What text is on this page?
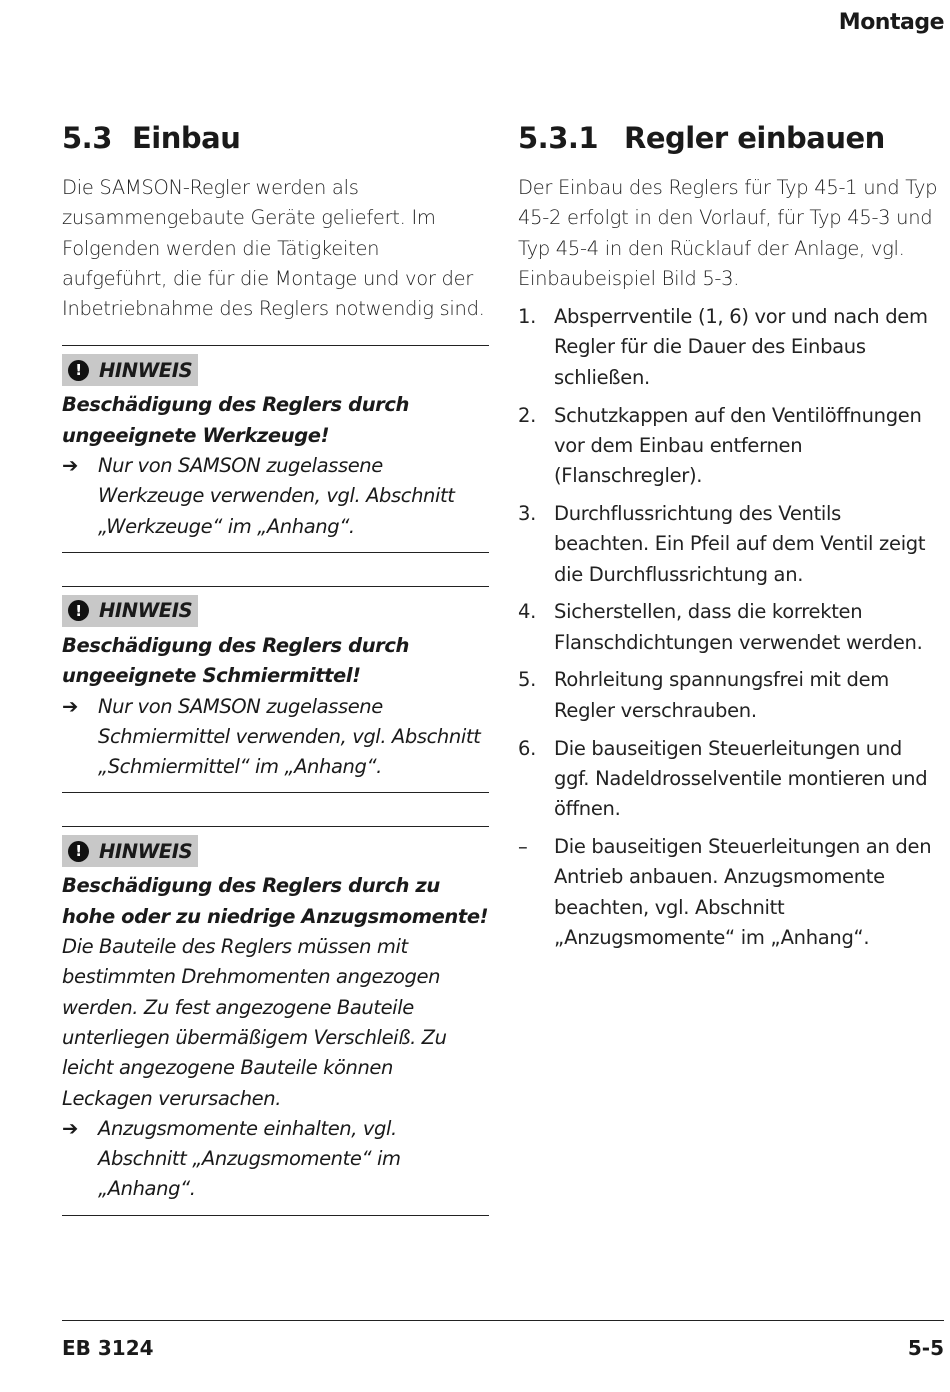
Montage
5.3 Einbau

Die SAMSON-Regler werden als zusammengebaute Geräte geliefert. Im Folgenden werden die Tätigkeiten aufgeführt, die für die Montage und vor der Inbetriebnahme des Reglers notwendig sind.

! HINWEIS
Beschädigung des Reglers durch ungeeignete Werkzeuge!
➔	Nur von SAMSON zugelassene Werkzeuge verwenden, vgl. Abschnitt „Werkzeuge“ im „Anhang“.
! HINWEIS
Beschädigung des Reglers durch ungeeignete Schmiermittel!
➔	Nur von SAMSON zugelassene Schmiermittel verwenden, vgl. Abschnitt „Schmiermittel“ im „Anhang“.
! HINWEIS
Beschädigung des Reglers durch zu hohe oder zu niedrige Anzugsmomente!
Die Bauteile des Reglers müssen mit bestimmten Drehmomenten angezogen werden. Zu fest angezogene Bauteile unterliegen übermäßigem Verschleiß. Zu leicht angezogene Bauteile können Leckagen verursachen.
➔	Anzugsmomente einhalten, vgl. Abschnitt „Anzugsmomente“ im „Anhang“.
5.3.1 Regler einbauen

Der Einbau des Reglers für Typ 45-1 und Typ 45-2 erfolgt in den Vorlauf, für Typ 45-3 und Typ 45-4 in den Rücklauf der Anlage, vgl. Einbaubeispiel Bild 5-3.

1. Absperrventile (1, 6) vor und nach dem Regler für die Dauer des Einbaus schließen.
2. Schutzkappen auf den Ventilöffnungen vor dem Einbau entfernen (Flanschregler).
3. Durchflussrichtung des Ventils beachten. Ein Pfeil auf dem Ventil zeigt die Durchflussrichtung an.
4. Sicherstellen, dass die korrekten Flanschdichtungen verwendet werden.
5. Rohrleitung spannungsfrei mit dem Regler verschrauben.
6. Die bauseitigen Steuerleitungen und ggf. Nadeldrosselventile montieren und öffnen.
–	Die bauseitigen Steuerleitungen an den Antrieb anbauen. Anzugsmomente beachten, vgl. Abschnitt „Anzugsmomente“ im „Anhang“.
EB 3124	5-5
